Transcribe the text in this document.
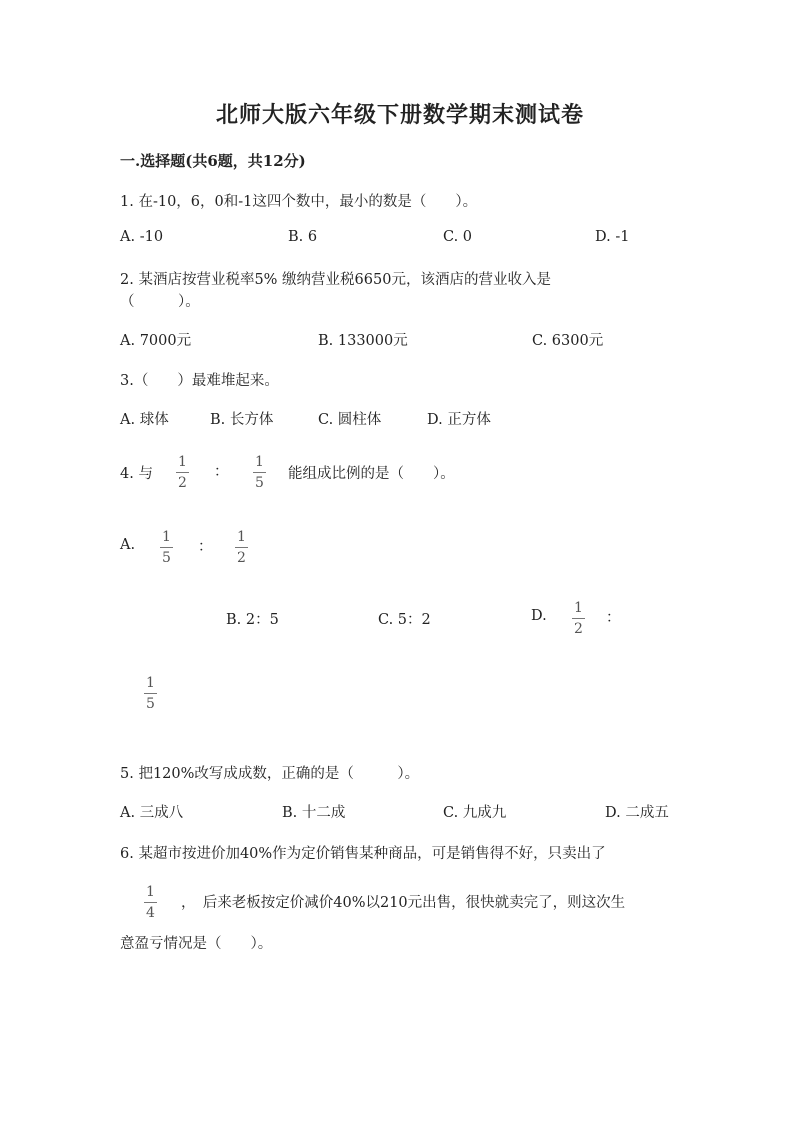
北师大版六年级下册数学期末测试卷
一.选择题(共6题，共12分)
1. 在-10，6，0和-1这四个数中，最小的数是（　　）。
A. -10	B. 6	C. 0	D. -1
2. 某酒店按营业税率5% 缴纳营业税6650元，该酒店的营业收入是
（　　　）。
A. 7000元	B. 133000元	C. 6300元
3.（　　）最难堆起来。
A. 球体	B. 长方体	C. 圆柱体	D. 正方体
4. 与
1
2
：
1
5
能组成比例的是（　　）。
A. 1
5
：
1
2
B. 2：5	C. 5：2	D. 1
2
：
1
5
5. 把120%改写成成数，正确的是（　　　）。
A. 三成八	B. 十二成	C. 九成九	D. 二成五
6. 某超市按进价加40%作为定价销售某种商品，可是销售得不好，只卖出了
1
4
，　后来老板按定价减价40%以210元出售，很快就卖完了，则这次生
意盈亏情况是（　　）。
